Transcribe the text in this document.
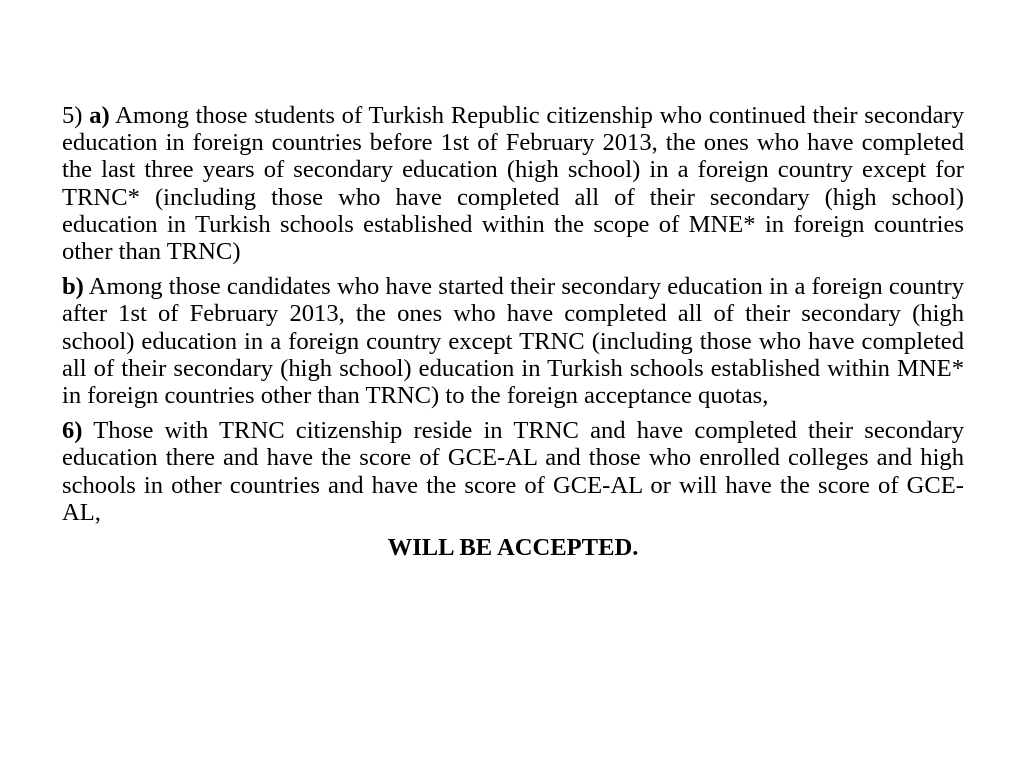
5) a) Among those students of Turkish Republic citizenship who continued their secondary education in foreign countries before 1st of February 2013, the ones who have completed the last three years of secondary education (high school) in a foreign country except for TRNC* (including those who have completed all of their secondary (high school) education in Turkish schools established within the scope of MNE* in foreign countries other than TRNC)

b) Among those candidates who have started their secondary education in a foreign country after 1st of February 2013, the ones who have completed all of their secondary (high school) education in a foreign country except TRNC (including those who have completed all of their secondary (high school) education in Turkish schools established within MNE* in foreign countries other than TRNC) to the foreign acceptance quotas,

6) Those with TRNC citizenship reside in TRNC and have completed their secondary education there and have the score of GCE-AL and those who enrolled colleges and high schools in other countries and have the score of GCE-AL or will have the score of GCE-AL,

WILL BE ACCEPTED.
